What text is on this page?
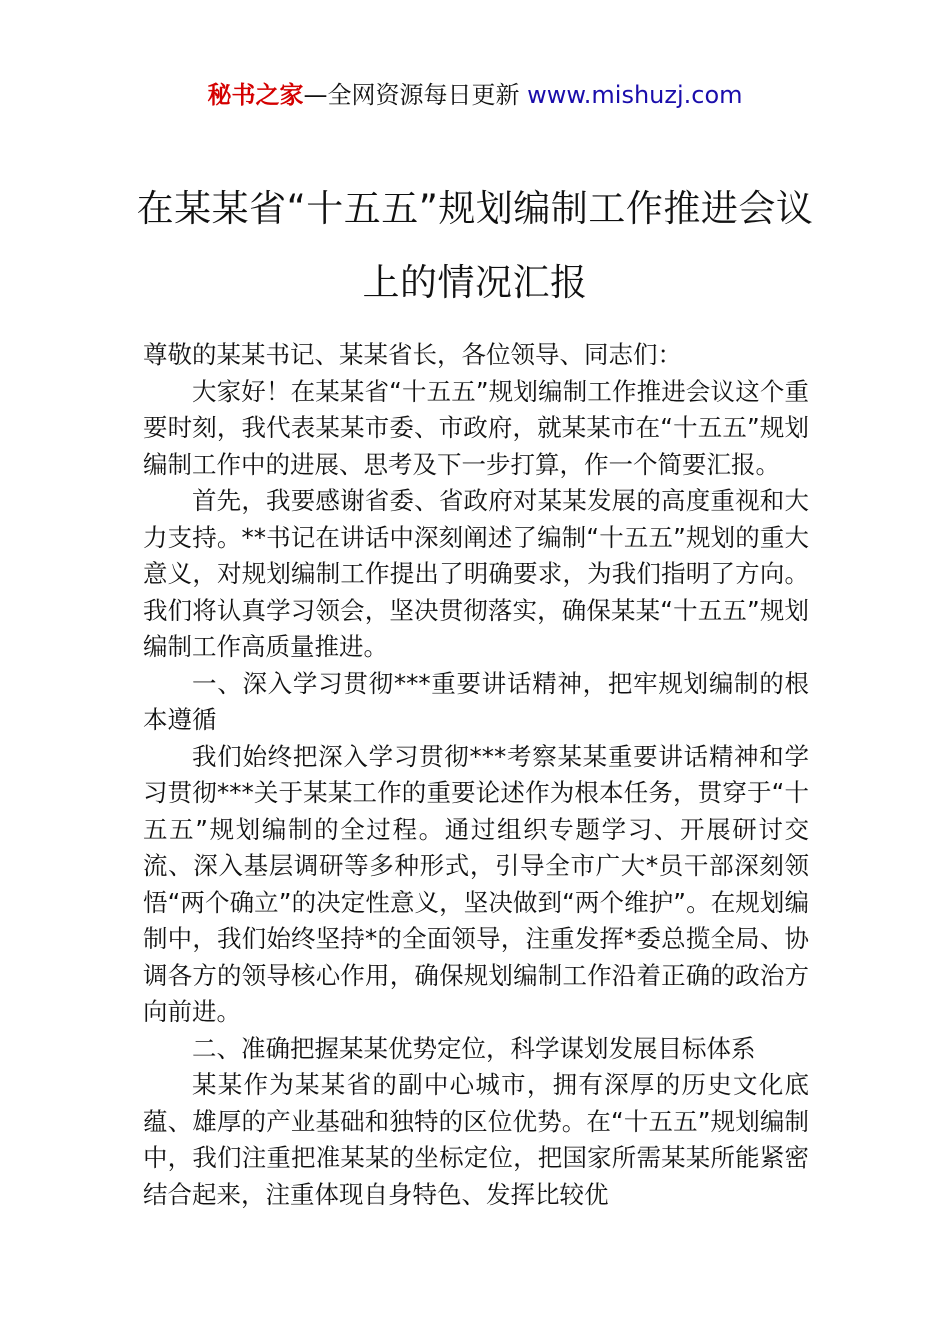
秘书之家—全网资源每日更新 www.mishuzj.com
在某某省“十五五”规划编制工作推进会议上的情况汇报

尊敬的某某书记、某某省长，各位领导、同志们：

大家好！在某某省“十五五”规划编制工作推进会议这个重要时刻，我代表某某市委、市政府，就某某市在“十五五”规划编制工作中的进展、思考及下一步打算，作一个简要汇报。

首先，我要感谢省委、省政府对某某发展的高度重视和大力支持。**书记在讲话中深刻阐述了编制“十五五”规划的重大意义，对规划编制工作提出了明确要求，为我们指明了方向。我们将认真学习领会，坚决贯彻落实，确保某某“十五五”规划编制工作高质量推进。

一、深入学习贯彻***重要讲话精神，把牢规划编制的根本遵循

我们始终把深入学习贯彻***考察某某重要讲话精神和学习贯彻***关于某某工作的重要论述作为根本任务，贯穿于“十五五”规划编制的全过程。通过组织专题学习、开展研讨交流、深入基层调研等多种形式，引导全市广大*员干部深刻领悟“两个确立”的决定性意义，坚决做到“两个维护”。在规划编制中，我们始终坚持*的全面领导，注重发挥*委总揽全局、协调各方的领导核心作用，确保规划编制工作沿着正确的政治方向前进。

二、准确把握某某优势定位，科学谋划发展目标体系

某某作为某某省的副中心城市，拥有深厚的历史文化底蕴、雄厚的产业基础和独特的区位优势。在“十五五”规划编制中，我们注重把准某某的坐标定位，把国家所需某某所能紧密结合起来，注重体现自身特色、发挥比较优
